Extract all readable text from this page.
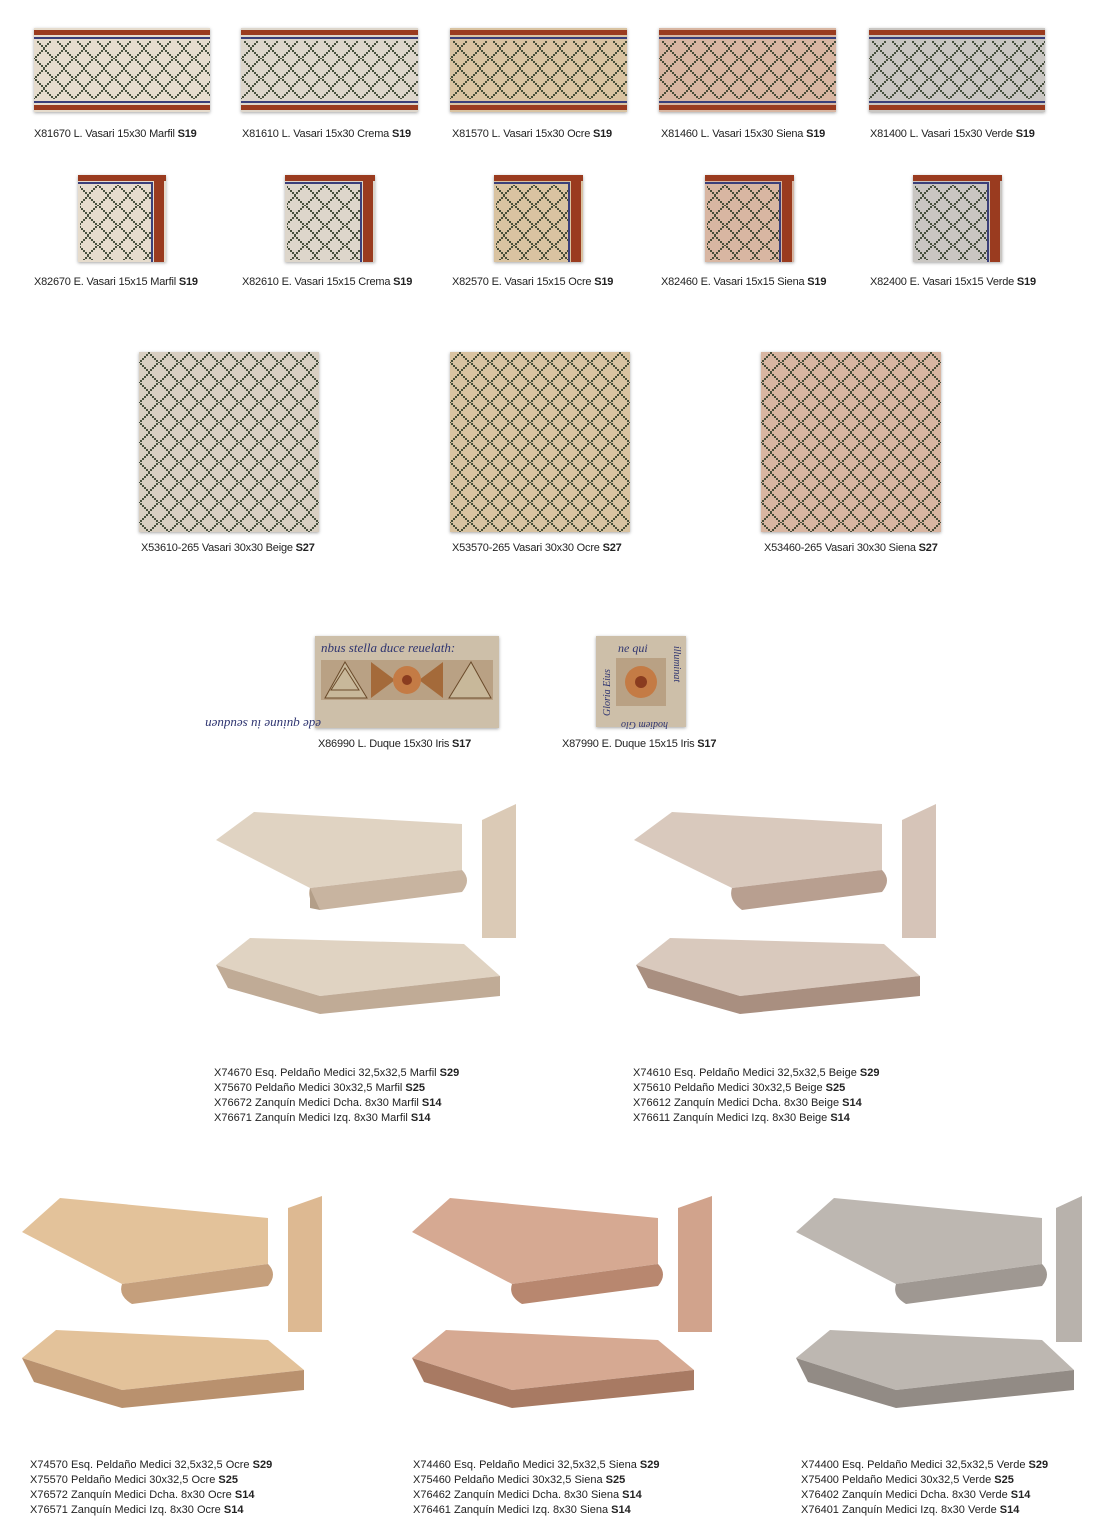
X81670 L. Vasari 15x30 Marfil S19	X81610 L. Vasari 15x30 Crema S19	X81570 L. Vasari 15x30 Ocre S19	X81460 L. Vasari 15x30 Siena S19	X81400 L. Vasari 15x30 Verde S19
X82670 E. Vasari 15x15 Marfil S19	X82610 E. Vasari 15x15 Crema S19	X82570 E. Vasari 15x15 Ocre S19	X82460 E. Vasari 15x15 Siena S19	X82400 E. Vasari 15x15 Verde S19
X53610-265 Vasari 30x30 Beige S27	X53570-265 Vasari 30x30 Ocre S27	X53460-265 Vasari 30x30 Siena S27
nbus stella duce reuelath:
ede quiune iu seuduen
ne qui
Gloria Eius
illuminat
hodiem Glo
X86990 L. Duque 15x30 Iris S17	X87990 E. Duque 15x15 Iris S17
X74670 Esq. Peldaño Medici 32,5x32,5 Marfil S29
X75670 Peldaño Medici 30x32,5 Marfil S25
X76672 Zanquín Medici Dcha. 8x30 Marfil S14
X76671 Zanquín Medici Izq. 8x30 Marfil S14
X74610 Esq. Peldaño Medici 32,5x32,5 Beige S29
X75610 Peldaño Medici 30x32,5 Beige S25
X76612 Zanquín Medici Dcha. 8x30 Beige S14
X76611 Zanquín Medici Izq. 8x30 Beige S14
X74570 Esq. Peldaño Medici 32,5x32,5 Ocre S29
X75570 Peldaño Medici 30x32,5 Ocre S25
X76572 Zanquín Medici Dcha. 8x30 Ocre S14
X76571 Zanquín Medici Izq. 8x30 Ocre S14
X74460 Esq. Peldaño Medici 32,5x32,5 Siena S29
X75460 Peldaño Medici 30x32,5 Siena S25
X76462 Zanquín Medici Dcha. 8x30 Siena S14
X76461 Zanquín Medici Izq. 8x30 Siena S14
X74400 Esq. Peldaño Medici 32,5x32,5 Verde S29
X75400 Peldaño Medici 30x32,5 Verde S25
X76402 Zanquín Medici Dcha. 8x30 Verde S14
X76401 Zanquín Medici Izq. 8x30 Verde S14
